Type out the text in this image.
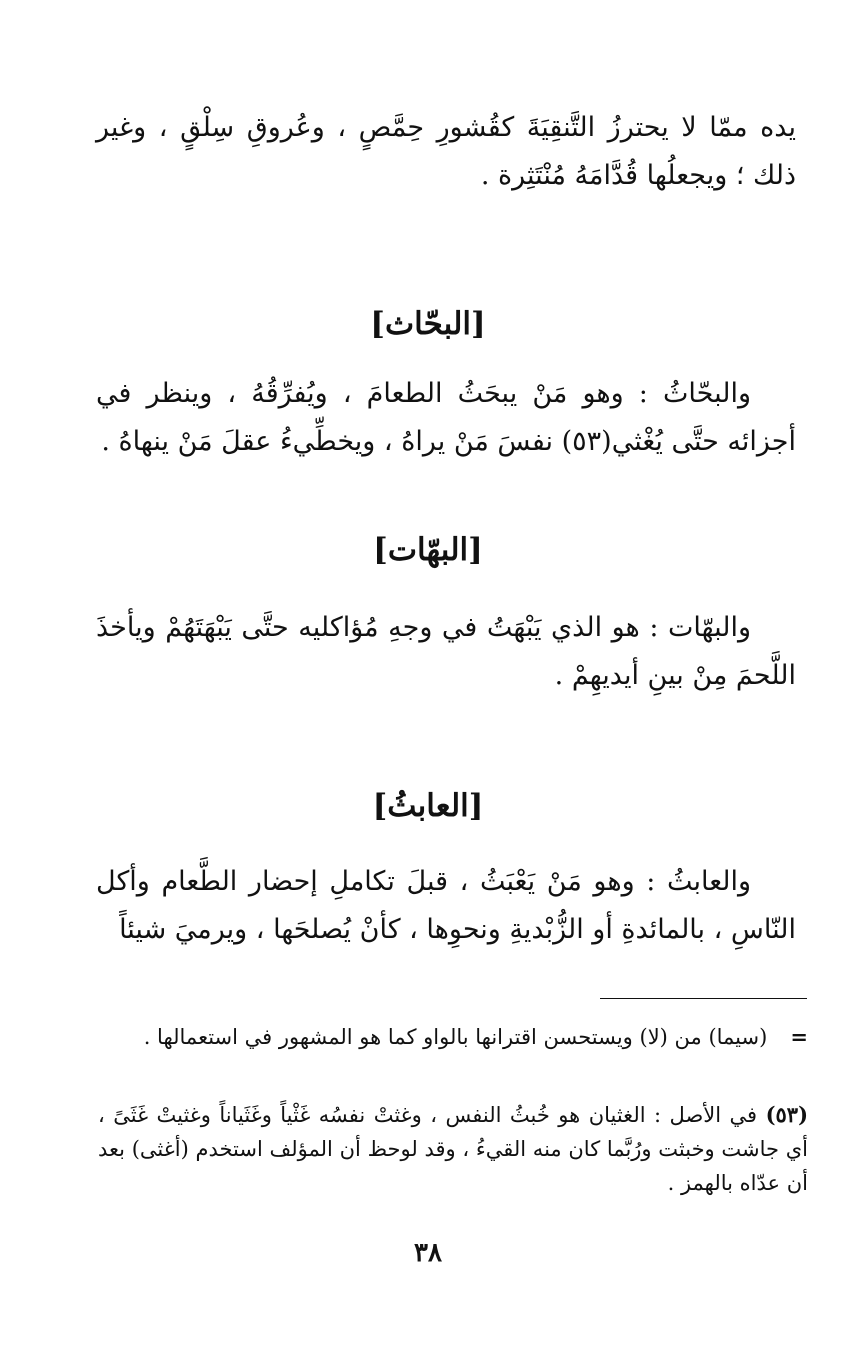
يده ممّا لا يحترزُ التَّنقِيَةَ كقُشورِ حِمَّصٍ ، وعُروقِ سِلْقٍ ، وغير ذلك ؛ ويجعلُها قُدَّامَهُ مُنْتَثِرة .
[البحّاث]
والبحّاثُ : وهو مَنْ يبحَثُ الطعامَ ، ويُفرِّقُهُ ، وينظر في أجزائه حتَّى يُغْثي(٥٣) نفسَ مَنْ يراهُ ، ويخطِّيءُ عقلَ مَنْ ينهاهُ .
[البهّات]
والبهّات : هو الذي يَبْهَتُ في وجهِ مُؤاكليه حتَّى يَبْهَتَهُمْ ويأخذَ اللَّحمَ مِنْ بينِ أيديهِمْ .
[العابثُ]
والعابثُ : وهو مَنْ يَعْبَثُ ، قبلَ تكاملِ إحضار الطَّعام وأكل النّاسِ ، بالمائدةِ أو الزُّبْديةِ ونحوِها ، كأنْ يُصلحَها ، ويرميَ شيئاً
= (سيما) من (لا) ويستحسن اقترانها بالواو كما هو المشهور في استعمالها .
(٥٣) في الأصل : الغثيان هو خُبثُ النفس ، وغثتْ نفسُه غَثْياً وغَثَياناً وغثيتْ غَثَىً ، أي جاشت وخبثت ورُبَّما كان منه القيءُ ، وقد لوحظ أن المؤلف استخدم (أغثى) بعد أن عدّاه بالهمز .
٣٨
